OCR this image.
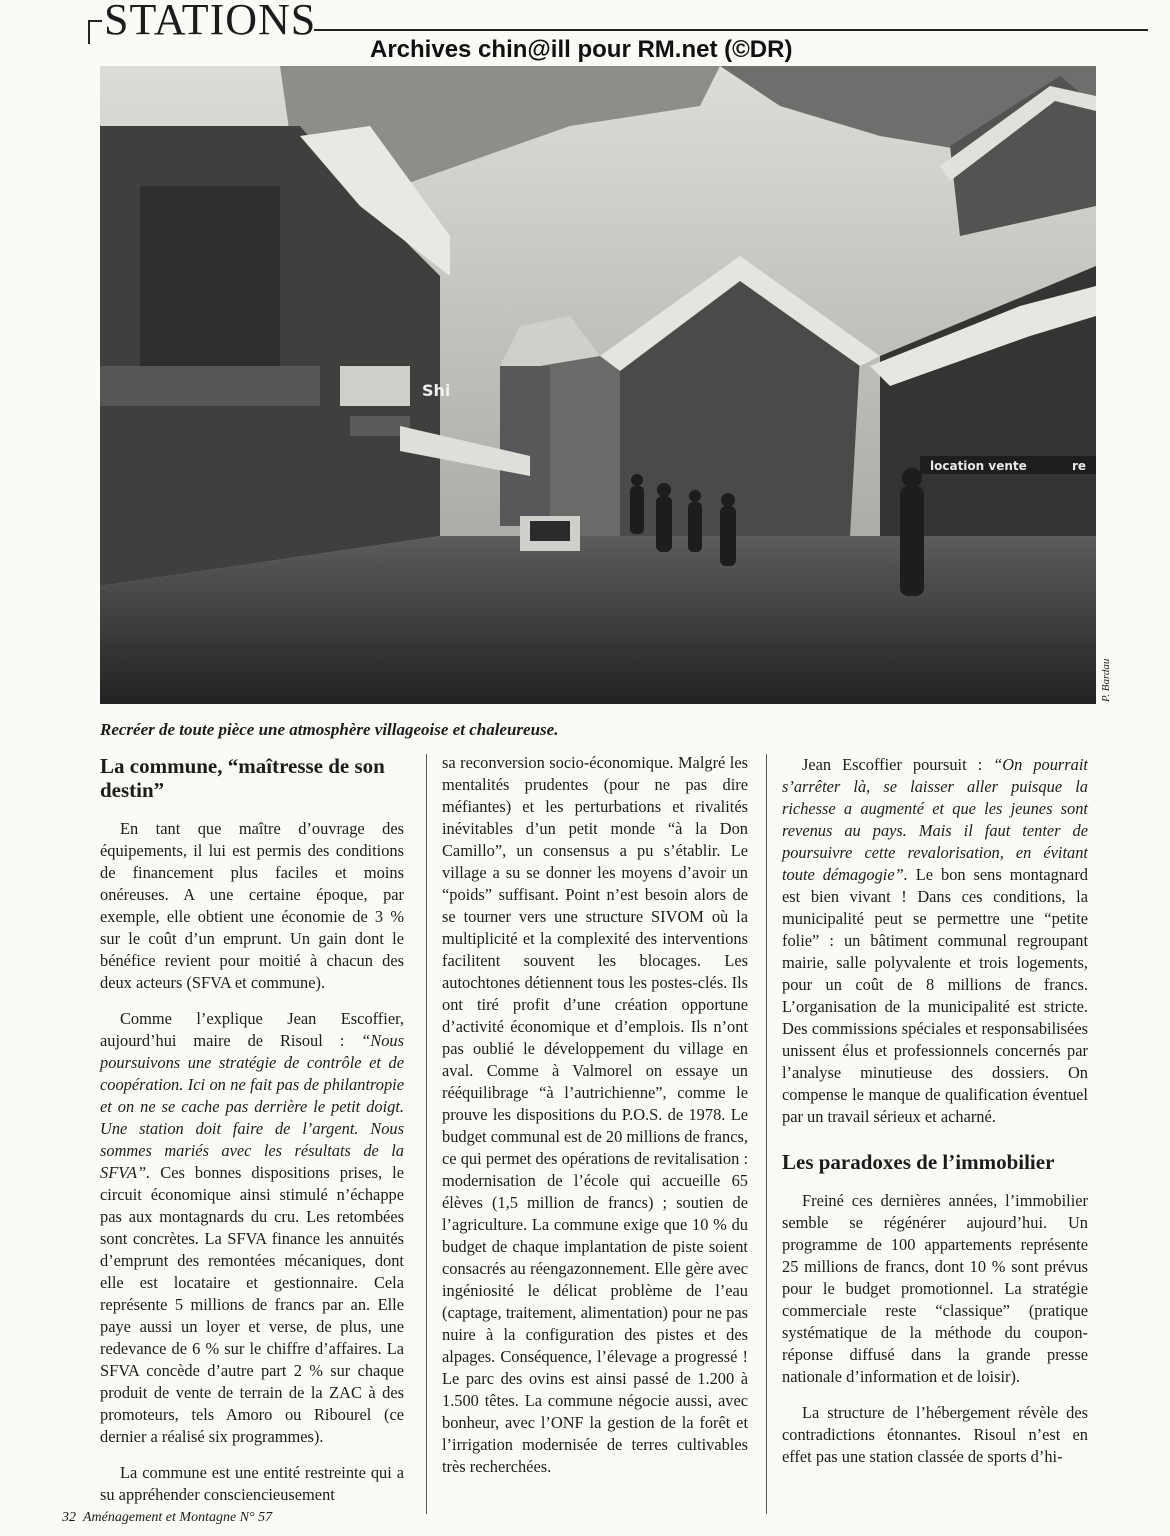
STATIONS

Archives chin@ill pour RM.net (©DR)

Shi
location vente	re
P. Bardau

Recréer de toute pièce une atmosphère villageoise et chaleureuse.

La commune, “maîtresse de son destin”

En tant que maître d’ouvrage des équipements, il lui est permis des conditions de financement plus faciles et moins onéreuses. A une certaine époque, par exemple, elle obtient une économie de 3 % sur le coût d’un emprunt. Un gain dont le bénéfice revient pour moitié à chacun des deux acteurs (SFVA et commune).

Comme l’explique Jean Escoffier, aujourd’hui maire de Risoul : “Nous poursuivons une stratégie de contrôle et de coopération. Ici on ne fait pas de philantropie et on ne se cache pas derrière le petit doigt. Une station doit faire de l’argent. Nous sommes mariés avec les résultats de la SFVA”. Ces bonnes dispositions prises, le circuit économique ainsi stimulé n’échappe pas aux montagnards du cru. Les retombées sont concrètes. La SFVA finance les annuités d’emprunt des remontées mécaniques, dont elle est locataire et gestionnaire. Cela représente 5 millions de francs par an. Elle paye aussi un loyer et verse, de plus, une redevance de 6 % sur le chiffre d’affaires. La SFVA concède d’autre part 2 % sur chaque produit de vente de terrain de la ZAC à des promoteurs, tels Amoro ou Ribourel (ce dernier a réalisé six programmes).

La commune est une entité restreinte qui a su appréhender consciencieusement

sa reconversion socio-économique. Malgré les mentalités prudentes (pour ne pas dire méfiantes) et les perturbations et rivalités inévitables d’un petit monde “à la Don Camillo”, un consensus a pu s’établir. Le village a su se donner les moyens d’avoir un “poids” suffisant. Point n’est besoin alors de se tourner vers une structure SIVOM où la multiplicité et la complexité des interventions facilitent souvent les blocages. Les autochtones détiennent tous les postes-clés. Ils ont tiré profit d’une création opportune d’activité économique et d’emplois. Ils n’ont pas oublié le développement du village en aval. Comme à Valmorel on essaye un rééquilibrage “à l’autrichienne”, comme le prouve les dispositions du P.O.S. de 1978. Le budget communal est de 20 millions de francs, ce qui permet des opérations de revitalisation : modernisation de l’école qui accueille 65 élèves (1,5 million de francs) ; soutien de l’agriculture. La commune exige que 10 % du budget de chaque implantation de piste soient consacrés au réengazonnement. Elle gère avec ingéniosité le délicat problème de l’eau (captage, traitement, alimentation) pour ne pas nuire à la configuration des pistes et des alpages. Conséquence, l’élevage a progressé ! Le parc des ovins est ainsi passé de 1.200 à 1.500 têtes. La commune négocie aussi, avec bonheur, avec l’ONF la gestion de la forêt et l’irrigation modernisée de terres cultivables très recherchées.

Jean Escoffier poursuit : “On pourrait s’arrêter là, se laisser aller puisque la richesse a augmenté et que les jeunes sont revenus au pays. Mais il faut tenter de poursuivre cette revalorisation, en évitant toute démagogie”. Le bon sens montagnard est bien vivant ! Dans ces conditions, la municipalité peut se permettre une “petite folie” : un bâtiment communal regroupant mairie, salle polyvalente et trois logements, pour un coût de 8 millions de francs. L’organisation de la municipalité est stricte. Des commissions spéciales et responsabilisées unissent élus et professionnels concernés par l’analyse minutieuse des dossiers. On compense le manque de qualification éventuel par un travail sérieux et acharné.

Les paradoxes de l’immobilier

Freiné ces dernières années, l’immobilier semble se régénérer aujourd’hui. Un programme de 100 appartements représente 25 millions de francs, dont 10 % sont prévus pour le budget promotionnel. La stratégie commerciale reste “classique” (pratique systématique de la méthode du coupon-réponse diffusé dans la grande presse nationale d’information et de loisir).

La structure de l’hébergement révèle des contradictions étonnantes. Risoul n’est en effet pas une station classée de sports d’hi-

32 Aménagement et Montagne N° 57
